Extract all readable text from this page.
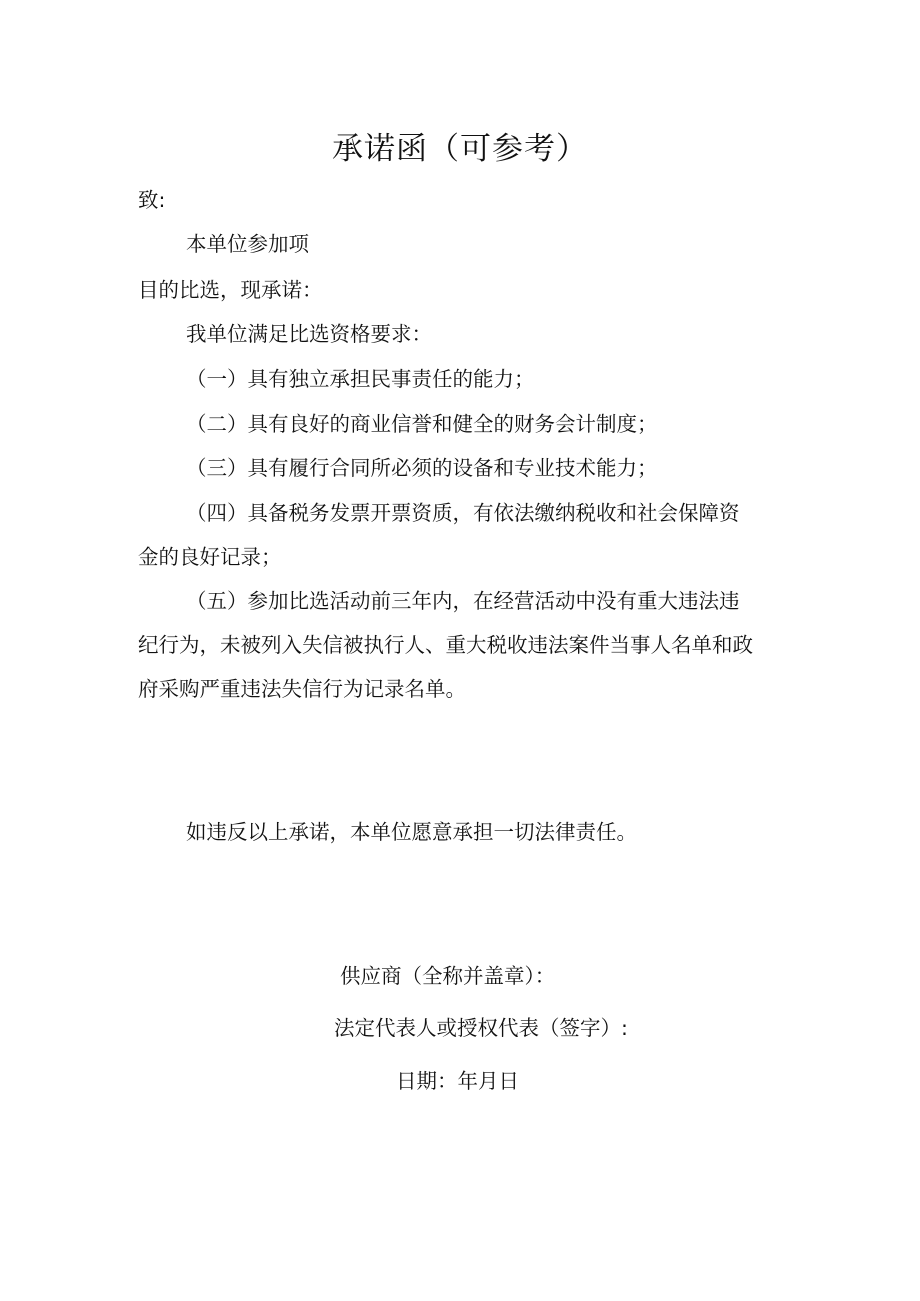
承诺函（可参考）
致:
本单位参加项
目的比选，现承诺：
我单位满足比选资格要求：
（一）具有独立承担民事责任的能力；
（二）具有良好的商业信誉和健全的财务会计制度；
（三）具有履行合同所必须的设备和专业技术能力；
（四）具备税务发票开票资质，有依法缴纳税收和社会保障资
金的良好记录；
（五）参加比选活动前三年内，在经营活动中没有重大违法违
纪行为，未被列入失信被执行人、重大税收违法案件当事人名单和政
府采购严重违法失信行为记录名单。
如违反以上承诺，本单位愿意承担一切法律责任。
供应商（全称并盖章）：
法定代表人或授权代表（签字）:
日期：年月日
